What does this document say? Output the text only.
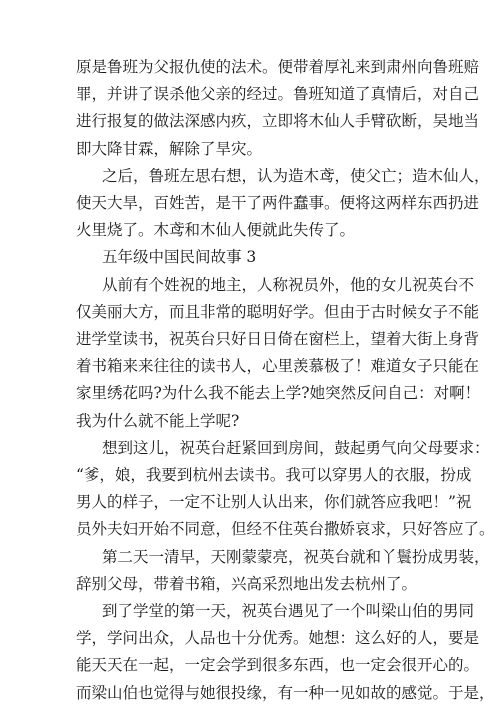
原是鲁班为父报仇使的法术。便带着厚礼来到肃州向鲁班赔
罪，并讲了误杀他父亲的经过。鲁班知道了真情后，对自己
进行报复的做法深感内疚，立即将木仙人手臂砍断，吴地当
即大降甘霖，解除了旱灾。
之后，鲁班左思右想，认为造木鸢，使父亡；造木仙人，
使天大旱，百姓苦，是干了两件蠢事。便将这两样东西扔进
火里烧了。木鸢和木仙人便就此失传了。
五年级中国民间故事 3
从前有个姓祝的地主，人称祝员外，他的女儿祝英台不
仅美丽大方，而且非常的聪明好学。但由于古时候女子不能
进学堂读书，祝英台只好日日倚在窗栏上，望着大街上身背
着书箱来来往往的读书人，心里羡慕极了！难道女子只能在
家里绣花吗?为什么我不能去上学?她突然反问自己：对啊！
我为什么就不能上学呢?
想到这儿，祝英台赶紧回到房间，鼓起勇气向父母要求：
“爹，娘，我要到杭州去读书。我可以穿男人的衣服，扮成
男人的样子，一定不让别人认出来，你们就答应我吧！”祝
员外夫妇开始不同意，但经不住英台撒娇哀求，只好答应了。
第二天一清早，天刚蒙蒙亮，祝英台就和丫鬟扮成男装，
辞别父母，带着书箱，兴高采烈地出发去杭州了。
到了学堂的第一天，祝英台遇见了一个叫梁山伯的男同
学，学问出众，人品也十分优秀。她想：这么好的人，要是
能天天在一起，一定会学到很多东西，也一定会很开心的。
而梁山伯也觉得与她很投缘，有一种一见如故的感觉。于是，
